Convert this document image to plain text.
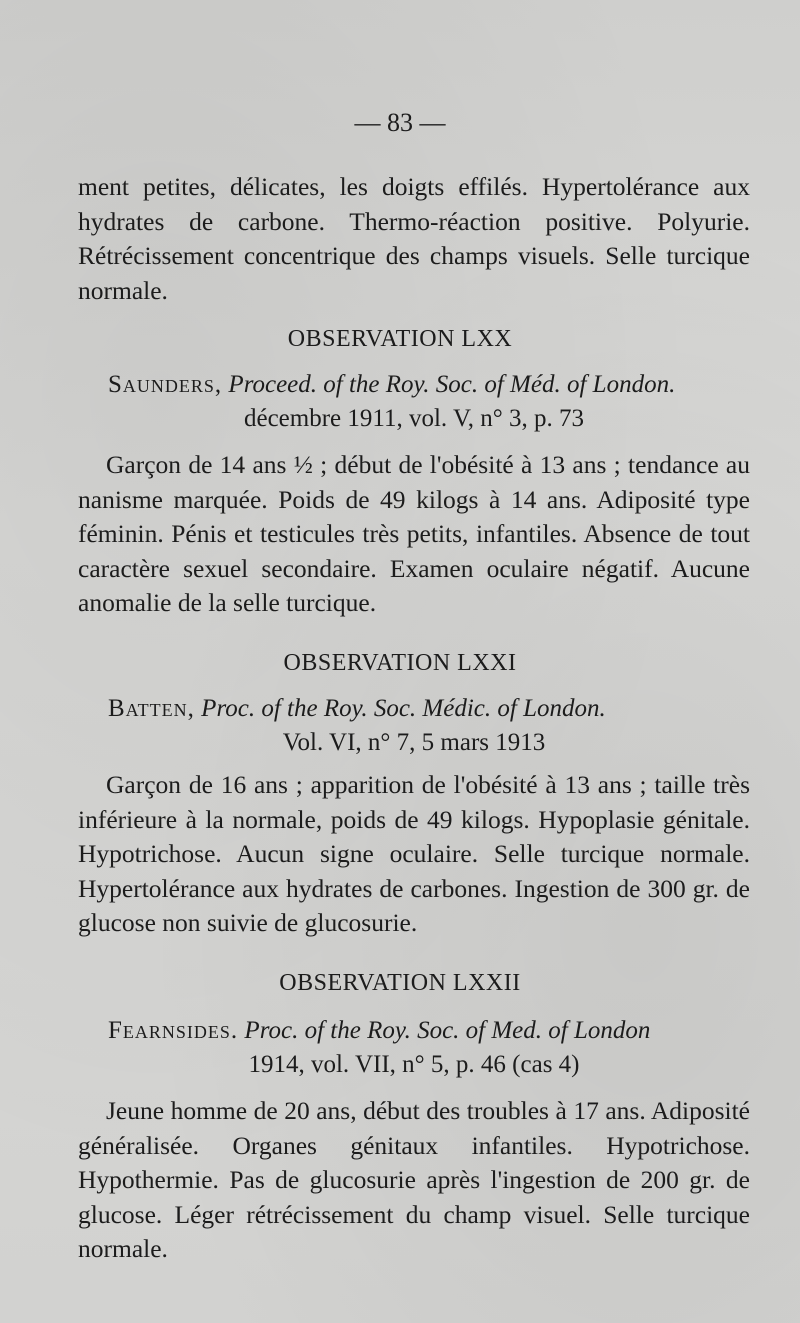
— 83 —
ment petites, délicates, les doigts effilés. Hypertolérance aux hydrates de carbone. Thermo-réaction positive. Polyurie. Rétrécissement concentrique des champs visuels. Selle turcique normale.
OBSERVATION LXX
Saunders, Proceed. of the Roy. Soc. of Méd. of London.
décembre 1911, vol. V, n° 3, p. 73
Garçon de 14 ans ½ ; début de l'obésité à 13 ans ; tendance au nanisme marquée. Poids de 49 kilogs à 14 ans. Adiposité type féminin. Pénis et testicules très petits, infantiles. Absence de tout caractère sexuel secondaire. Examen oculaire négatif. Aucune anomalie de la selle turcique.
OBSERVATION LXXI
Batten, Proc. of the Roy. Soc. Médic. of London.
Vol. VI, n° 7, 5 mars 1913
Garçon de 16 ans ; apparition de l'obésité à 13 ans ; taille très inférieure à la normale, poids de 49 kilogs. Hypoplasie génitale. Hypotrichose. Aucun signe oculaire. Selle turcique normale. Hypertolérance aux hydrates de carbones. Ingestion de 300 gr. de glucose non suivie de glucosurie.
OBSERVATION LXXII
Fearnsides. Proc. of the Roy. Soc. of Med. of London
1914, vol. VII, n° 5, p. 46 (cas 4)
Jeune homme de 20 ans, début des troubles à 17 ans. Adiposité généralisée. Organes génitaux infantiles. Hypotrichose. Hypothermie. Pas de glucosurie après l'ingestion de 200 gr. de glucose. Léger rétrécissement du champ visuel. Selle turcique normale.
